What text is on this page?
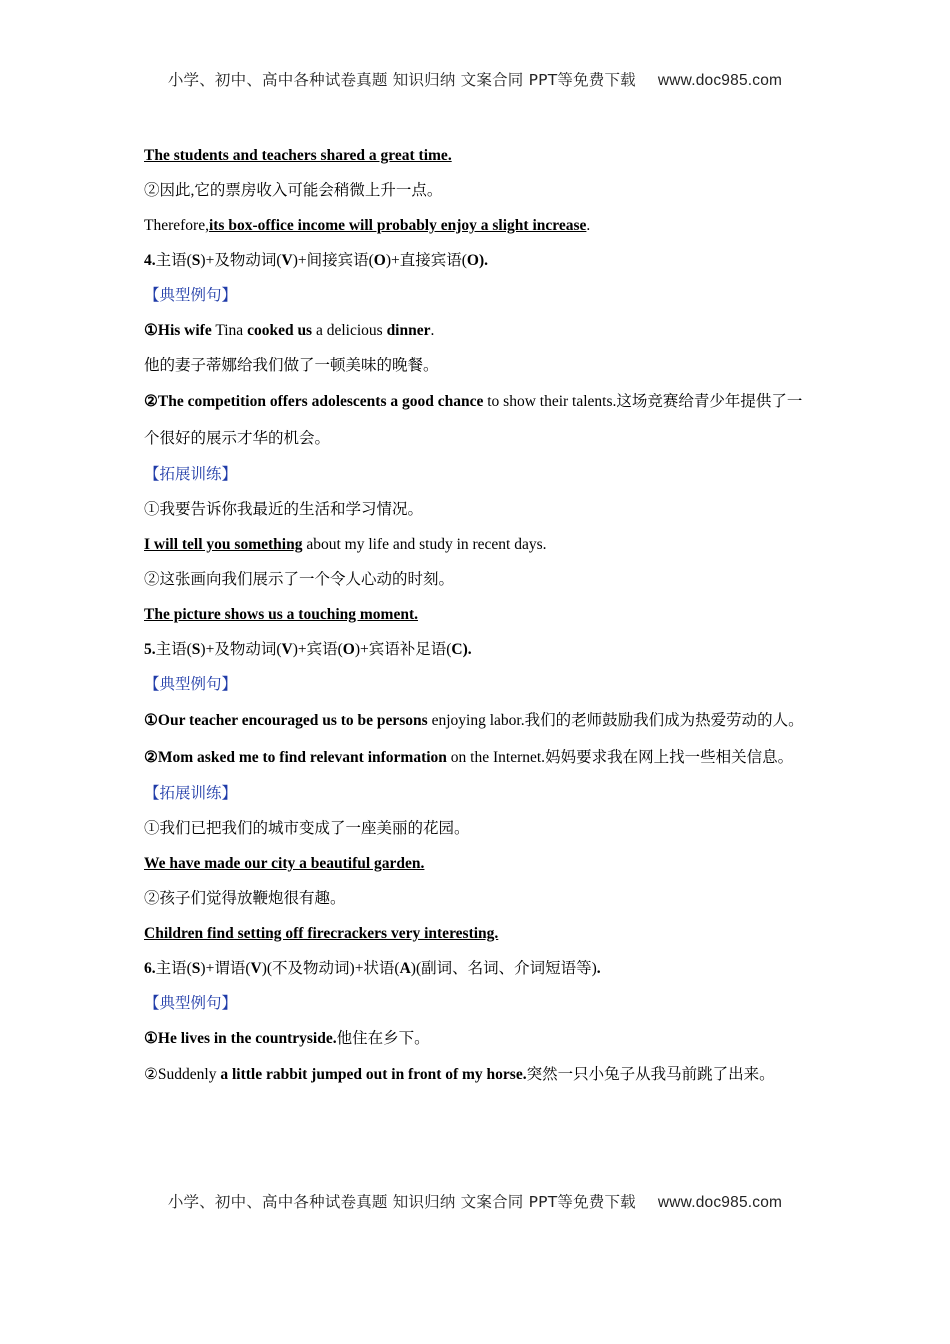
小学、初中、高中各种试卷真题 知识归纳 文案合同 PPT等免费下载 www.doc985.com
The students and teachers shared a great time.
②因此,它的票房收入可能会稍微上升一点。
Therefore,its box-office income will probably enjoy a slight increase.
4.主语(S)+及物动词(V)+间接宾语(O)+直接宾语(O).
【典型例句】
①His wife Tina cooked us a delicious dinner.
他的妻子蒂娜给我们做了一顿美味的晚餐。
②The competition offers adolescents a good chance to show their talents.这场竞赛给青少年提供了一个很好的展示才华的机会。
【拓展训练】
①我要告诉你我最近的生活和学习情况。
I will tell you something about my life and study in recent days.
②这张画向我们展示了一个令人心动的时刻。
The picture shows us a touching moment.
5.主语(S)+及物动词(V)+宾语(O)+宾语补足语(C).
【典型例句】
①Our teacher encouraged us to be persons enjoying labor.我们的老师鼓励我们成为热爱劳动的人。
②Mom asked me to find relevant information on the Internet.妈妈要求我在网上找一些相关信息。
【拓展训练】
①我们已把我们的城市变成了一座美丽的花园。
We have made our city a beautiful garden.
②孩子们觉得放鞭炮很有趣。
Children find setting off firecrackers very interesting.
6.主语(S)+谓语(V)(不及物动词)+状语(A)(副词、名词、介词短语等).
【典型例句】
①He lives in the countryside.他住在乡下。
②Suddenly a little rabbit jumped out in front of my horse.突然一只小兔子从我马前跳了出来。
小学、初中、高中各种试卷真题 知识归纳 文案合同 PPT等免费下载 www.doc985.com
